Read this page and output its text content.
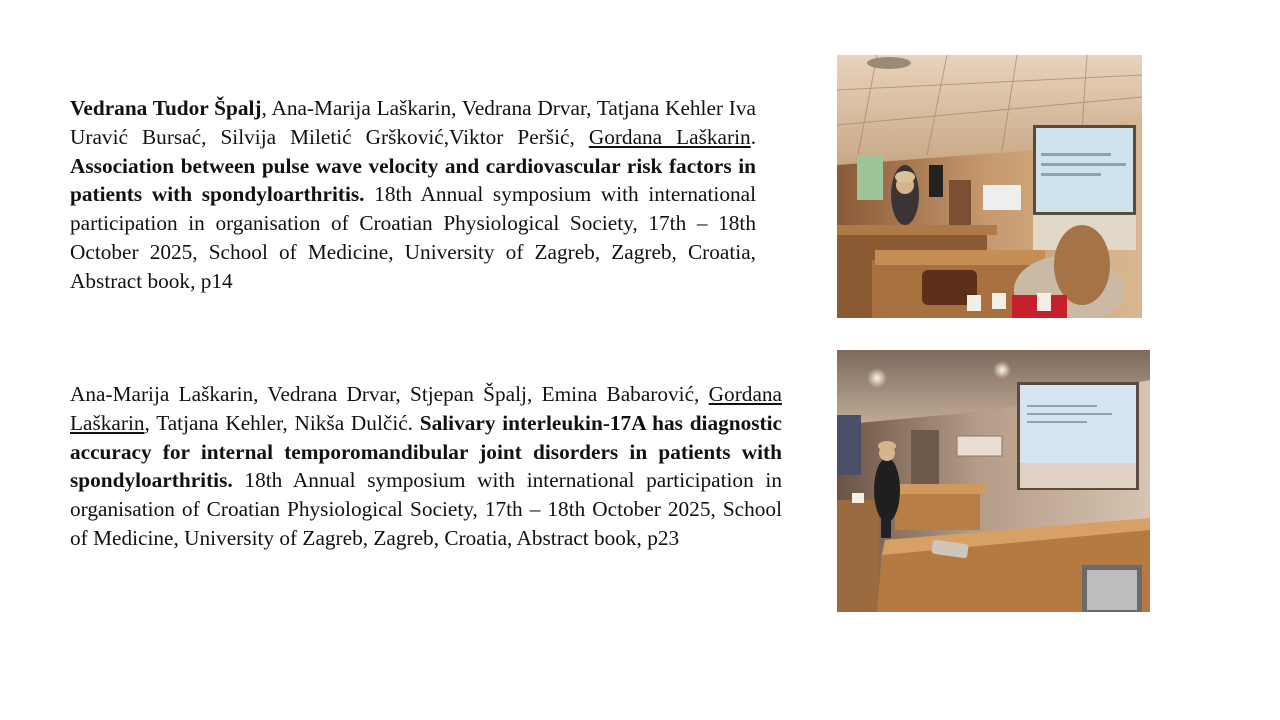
Vedrana Tudor Špalj, Ana-Marija Laškarin, Vedrana Drvar, Tatjana Kehler Iva Uravić Bursać, Silvija Miletić Gršković,Viktor Peršić, Gordana Laškarin. Association between pulse wave velocity and cardiovascular risk factors in patients with spondyloarthritis. 18th Annual symposium with international participation in organisation of Croatian Physiological Society, 17th – 18th October 2025, School of Medicine, University of Zagreb, Zagreb, Croatia, Abstract book, p14
Ana-Marija Laškarin, Vedrana Drvar, Stjepan Špalj, Emina Babarović, Gordana Laškarin, Tatjana Kehler, Nikša Dulčić. Salivary interleukin-17A has diagnostic accuracy for internal temporomandibular joint disorders in patients with spondyloarthritis. 18th Annual symposium with international participation in organisation of Croatian Physiological Society, 17th – 18th October 2025, School of Medicine, University of Zagreb, Zagreb, Croatia, Abstract book, p23
